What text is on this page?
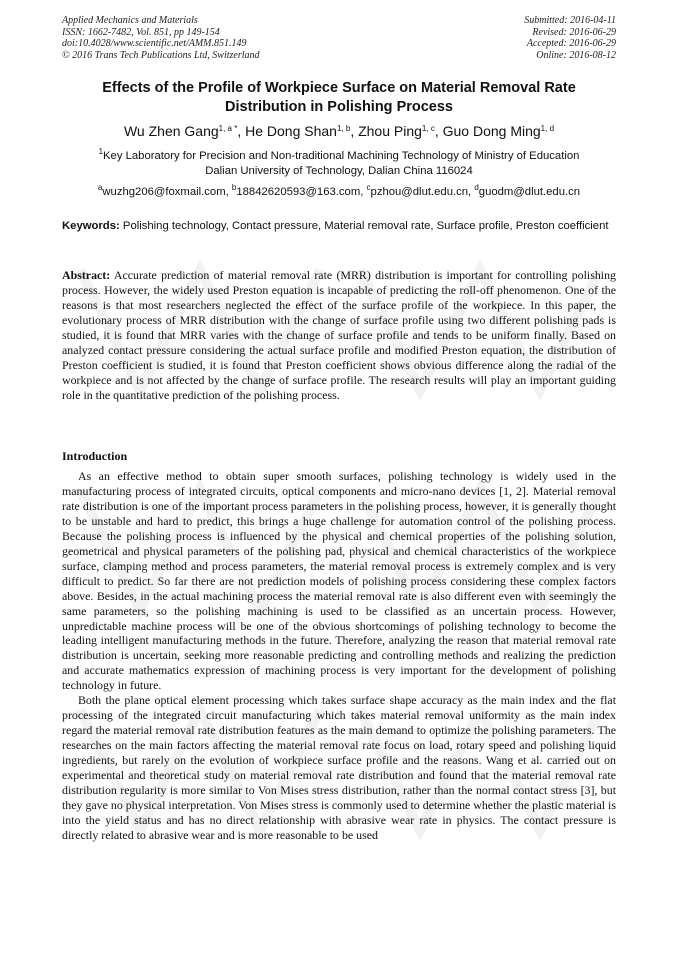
Applied Mechanics and Materials
ISSN: 1662-7482, Vol. 851, pp 149-154
doi:10.4028/www.scientific.net/AMM.851.149
© 2016 Trans Tech Publications Ltd, Switzerland
Submitted: 2016-04-11
Revised: 2016-06-29
Accepted: 2016-06-29
Online: 2016-08-12
Effects of the Profile of Workpiece Surface on Material Removal Rate
Distribution in Polishing Process
Wu Zhen Gang$^{1, a *}$, He Dong Shan$^{1, b}$, Zhou Ping$^{1, c}$, Guo Dong Ming$^{1, d}$
$^1$Key Laboratory for Precision and Non-traditional Machining Technology of Ministry of Education
Dalian University of Technology, Dalian China 116024
$^a$wuzhg206@foxmail.com, $^b$18842620593@163.com, $^c$pzhou@dlut.edu.cn, $^d$guodm@dlut.edu.cn
Keywords: Polishing technology, Contact pressure, Material removal rate, Surface profile, Preston coefficient
Abstract: Accurate prediction of material removal rate (MRR) distribution is important for controlling polishing process. However, the widely used Preston equation is incapable of predicting the roll-off phenomenon. One of the reasons is that most researchers neglected the effect of the surface profile of the workpiece. In this paper, the evolutionary process of MRR distribution with the change of surface profile using two different polishing pads is studied, it is found that MRR varies with the change of surface profile and tends to be uniform finally. Based on analyzed contact pressure considering the actual surface profile and modified Preston equation, the distribution of Preston coefficient is studied, it is found that Preston coefficient shows obvious difference along the radial of the workpiece and is not affected by the change of surface profile. The research results will play an important guiding role in the quantitative prediction of the polishing process.
Introduction

As an effective method to obtain super smooth surfaces, polishing technology is widely used in the manufacturing process of integrated circuits, optical components and micro-nano devices [1, 2]. Material removal rate distribution is one of the important process parameters in the polishing process, however, it is generally thought to be unstable and hard to predict, this brings a huge challenge for automation control of the polishing process. Because the polishing process is influenced by the physical and chemical properties of the polishing solution, geometrical and physical parameters of the polishing pad, physical and chemical characteristics of the workpiece surface, clamping method and process parameters, the material removal process is extremely complex and is very difficult to predict. So far there are not prediction models of polishing process considering these complex factors above. Besides, in the actual machining process the material removal rate is also different even with seemingly the same parameters, so the polishing machining is used to be classified as an uncertain process. However, unpredictable machine process will be one of the obvious shortcomings of polishing technology to become the leading intelligent manufacturing methods in the future. Therefore, analyzing the reason that material removal rate distribution is uncertain, seeking more reasonable predicting and controlling methods and realizing the prediction and accurate mathematics expression of machining process is very important for the development of polishing technology in future.

Both the plane optical element processing which takes surface shape accuracy as the main index and the flat processing of the integrated circuit manufacturing which takes material removal uniformity as the main index regard the material removal rate distribution features as the main demand to optimize the polishing parameters. The researches on the main factors affecting the material removal rate focus on load, rotary speed and polishing liquid ingredients, but rarely on the evolution of workpiece surface profile and the reasons. Wang et al. carried out on experimental and theoretical study on material removal rate distribution and found that the material removal rate distribution regularity is more similar to Von Mises stress distribution, rather than the normal contact stress [3], but they gave no physical interpretation. Von Mises stress is commonly used to determine whether the plastic material is into the yield status and has no direct relationship with abrasive wear rate in physics. The contact pressure is directly related to abrasive wear and is more reasonable to be used
